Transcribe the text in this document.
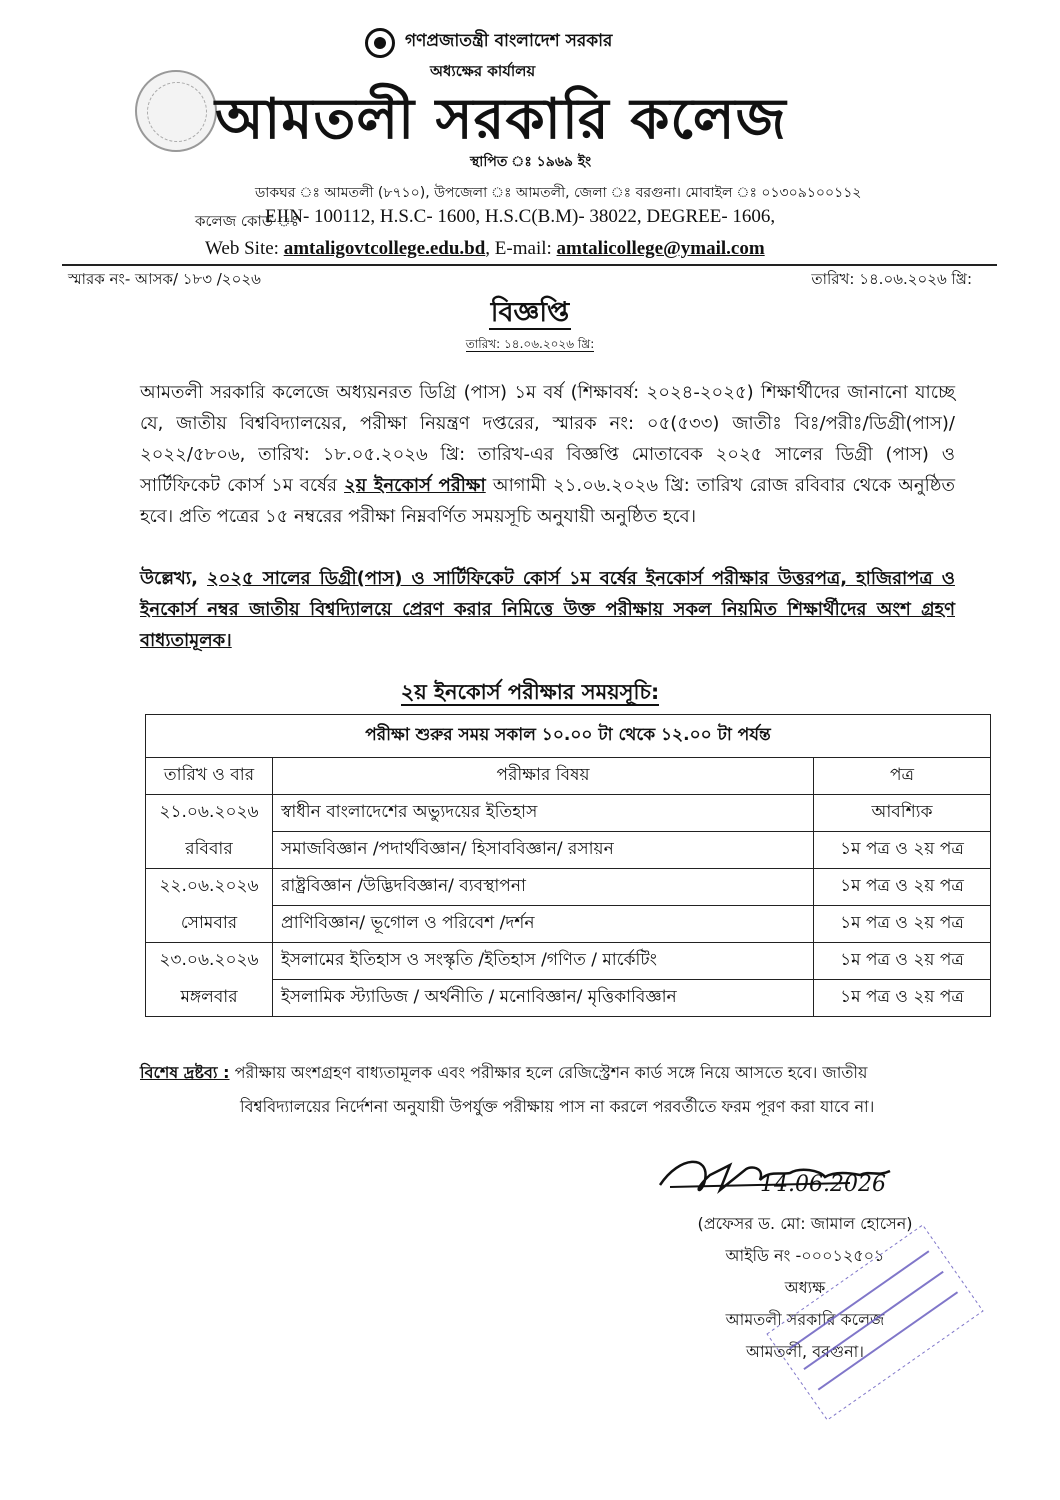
গণপ্রজাতন্ত্রী বাংলাদেশ সরকার
অধ্যক্ষের কার্যালয়
আমতলী সরকারি কলেজ
স্থাপিত ঃ ১৯৬৯ ইং
ডাকঘর ঃ আমতলী (৮৭১০), উপজেলা ঃ আমতলী, জেলা ঃ বরগুনা। মোবাইল ঃ ০১৩০৯১০০১১২
কলেজ কোড ঃ
EIIN- 100112, H.S.C- 1600, H.S.C(B.M)- 38022, DEGREE- 1606,
Web Site: amtaligovtcollege.edu.bd, E-mail: amtalicollege@ymail.com
স্মারক নং- আসক/ ১৮৩ /২০২৬	তারিখ: ১৪.০৬.২০২৬ খ্রি:
বিজ্ঞপ্তি
তারিখ: ১৪.০৬.২০২৬ খ্রি:
আমতলী সরকারি কলেজে অধ্যয়নরত ডিগ্রি (পাস) ১ম বর্ষ (শিক্ষাবর্ষ: ২০২৪-২০২৫) শিক্ষার্থীদের জানানো যাচ্ছে যে, জাতীয় বিশ্ববিদ্যালয়ের, পরীক্ষা নিয়ন্ত্রণ দপ্তরের, স্মারক নং: ০৫(৫৩৩) জাতীঃ বিঃ/পরীঃ/ডিগ্রী(পাস)/২০২২/৫৮০৬, তারিখ: ১৮.০৫.২০২৬ খ্রি: তারিখ-এর বিজ্ঞপ্তি মোতাবেক ২০২৫ সালের ডিগ্রী (পাস) ও সার্টিফিকেট কোর্স ১ম বর্ষের ২য় ইনকোর্স পরীক্ষা আগামী ২১.০৬.২০২৬ খ্রি: তারিখ রোজ রবিবার থেকে অনুষ্ঠিত হবে। প্রতি পত্রের ১৫ নম্বরের পরীক্ষা নিম্নবর্ণিত সময়সূচি অনুযায়ী অনুষ্ঠিত হবে।
উল্লেখ্য, ২০২৫ সালের ডিগ্রী(পাস) ও সার্টিফিকেট কোর্স ১ম বর্ষের ইনকোর্স পরীক্ষার উত্তরপত্র, হাজিরাপত্র ও ইনকোর্স নম্বর জাতীয় বিশ্বদ্যিালয়ে প্রেরণ করার নিমিত্তে উক্ত পরীক্ষায় সকল নিয়মিত শিক্ষার্থীদের অংশ গ্রহণ বাধ্যতামূলক।
২য় ইনকোর্স পরীক্ষার সময়সূচি:
পরীক্ষা শুরুর সময় সকাল ১০.০০ টা থেকে ১২.০০ টা পর্যন্ত		
তারিখ ও বার	পরীক্ষার বিষয়	পত্র
২১.০৬.২০২৬	স্বাধীন বাংলাদেশের অভ্যুদয়ের ইতিহাস	আবশ্যিক
রবিবার	সমাজবিজ্ঞান /পদার্থবিজ্ঞান/ হিসাববিজ্ঞান/ রসায়ন	১ম পত্র ও ২য় পত্র
২২.০৬.২০২৬	রাষ্ট্রবিজ্ঞান /উদ্ভিদবিজ্ঞান/ ব্যবস্থাপনা	১ম পত্র ও ২য় পত্র
সোমবার	প্রাণিবিজ্ঞান/ ভূগোল ও পরিবেশ /দর্শন	১ম পত্র ও ২য় পত্র
২৩.০৬.২০২৬	ইসলামের ইতিহাস ও সংস্কৃতি /ইতিহাস /গণিত / মার্কেটিং	১ম পত্র ও ২য় পত্র
মঙ্গলবার	ইসলামিক স্ট্যাডিজ / অর্থনীতি / মনোবিজ্ঞান/ মৃত্তিকাবিজ্ঞান	১ম পত্র ও ২য় পত্র
বিশেষ দ্রষ্টব্য : পরীক্ষায় অংশগ্রহণ বাধ্যতামূলক এবং পরীক্ষার হলে রেজিস্ট্রেশন কার্ড সঙ্গে নিয়ে আসতে হবে। জাতীয়
বিশ্ববিদ্যালয়ের নির্দেশনা অনুযায়ী উপর্যুক্ত পরীক্ষায় পাস না করলে পরবর্তীতে ফরম পূরণ করা যাবে না।
14.06.2026
(প্রফেসর ড. মো: জামাল হোসেন)
আইডি নং -০০০১২৫০১
অধ্যক্ষ
আমতলী সরকারি কলেজ
আমতলী, বরগুনা।
